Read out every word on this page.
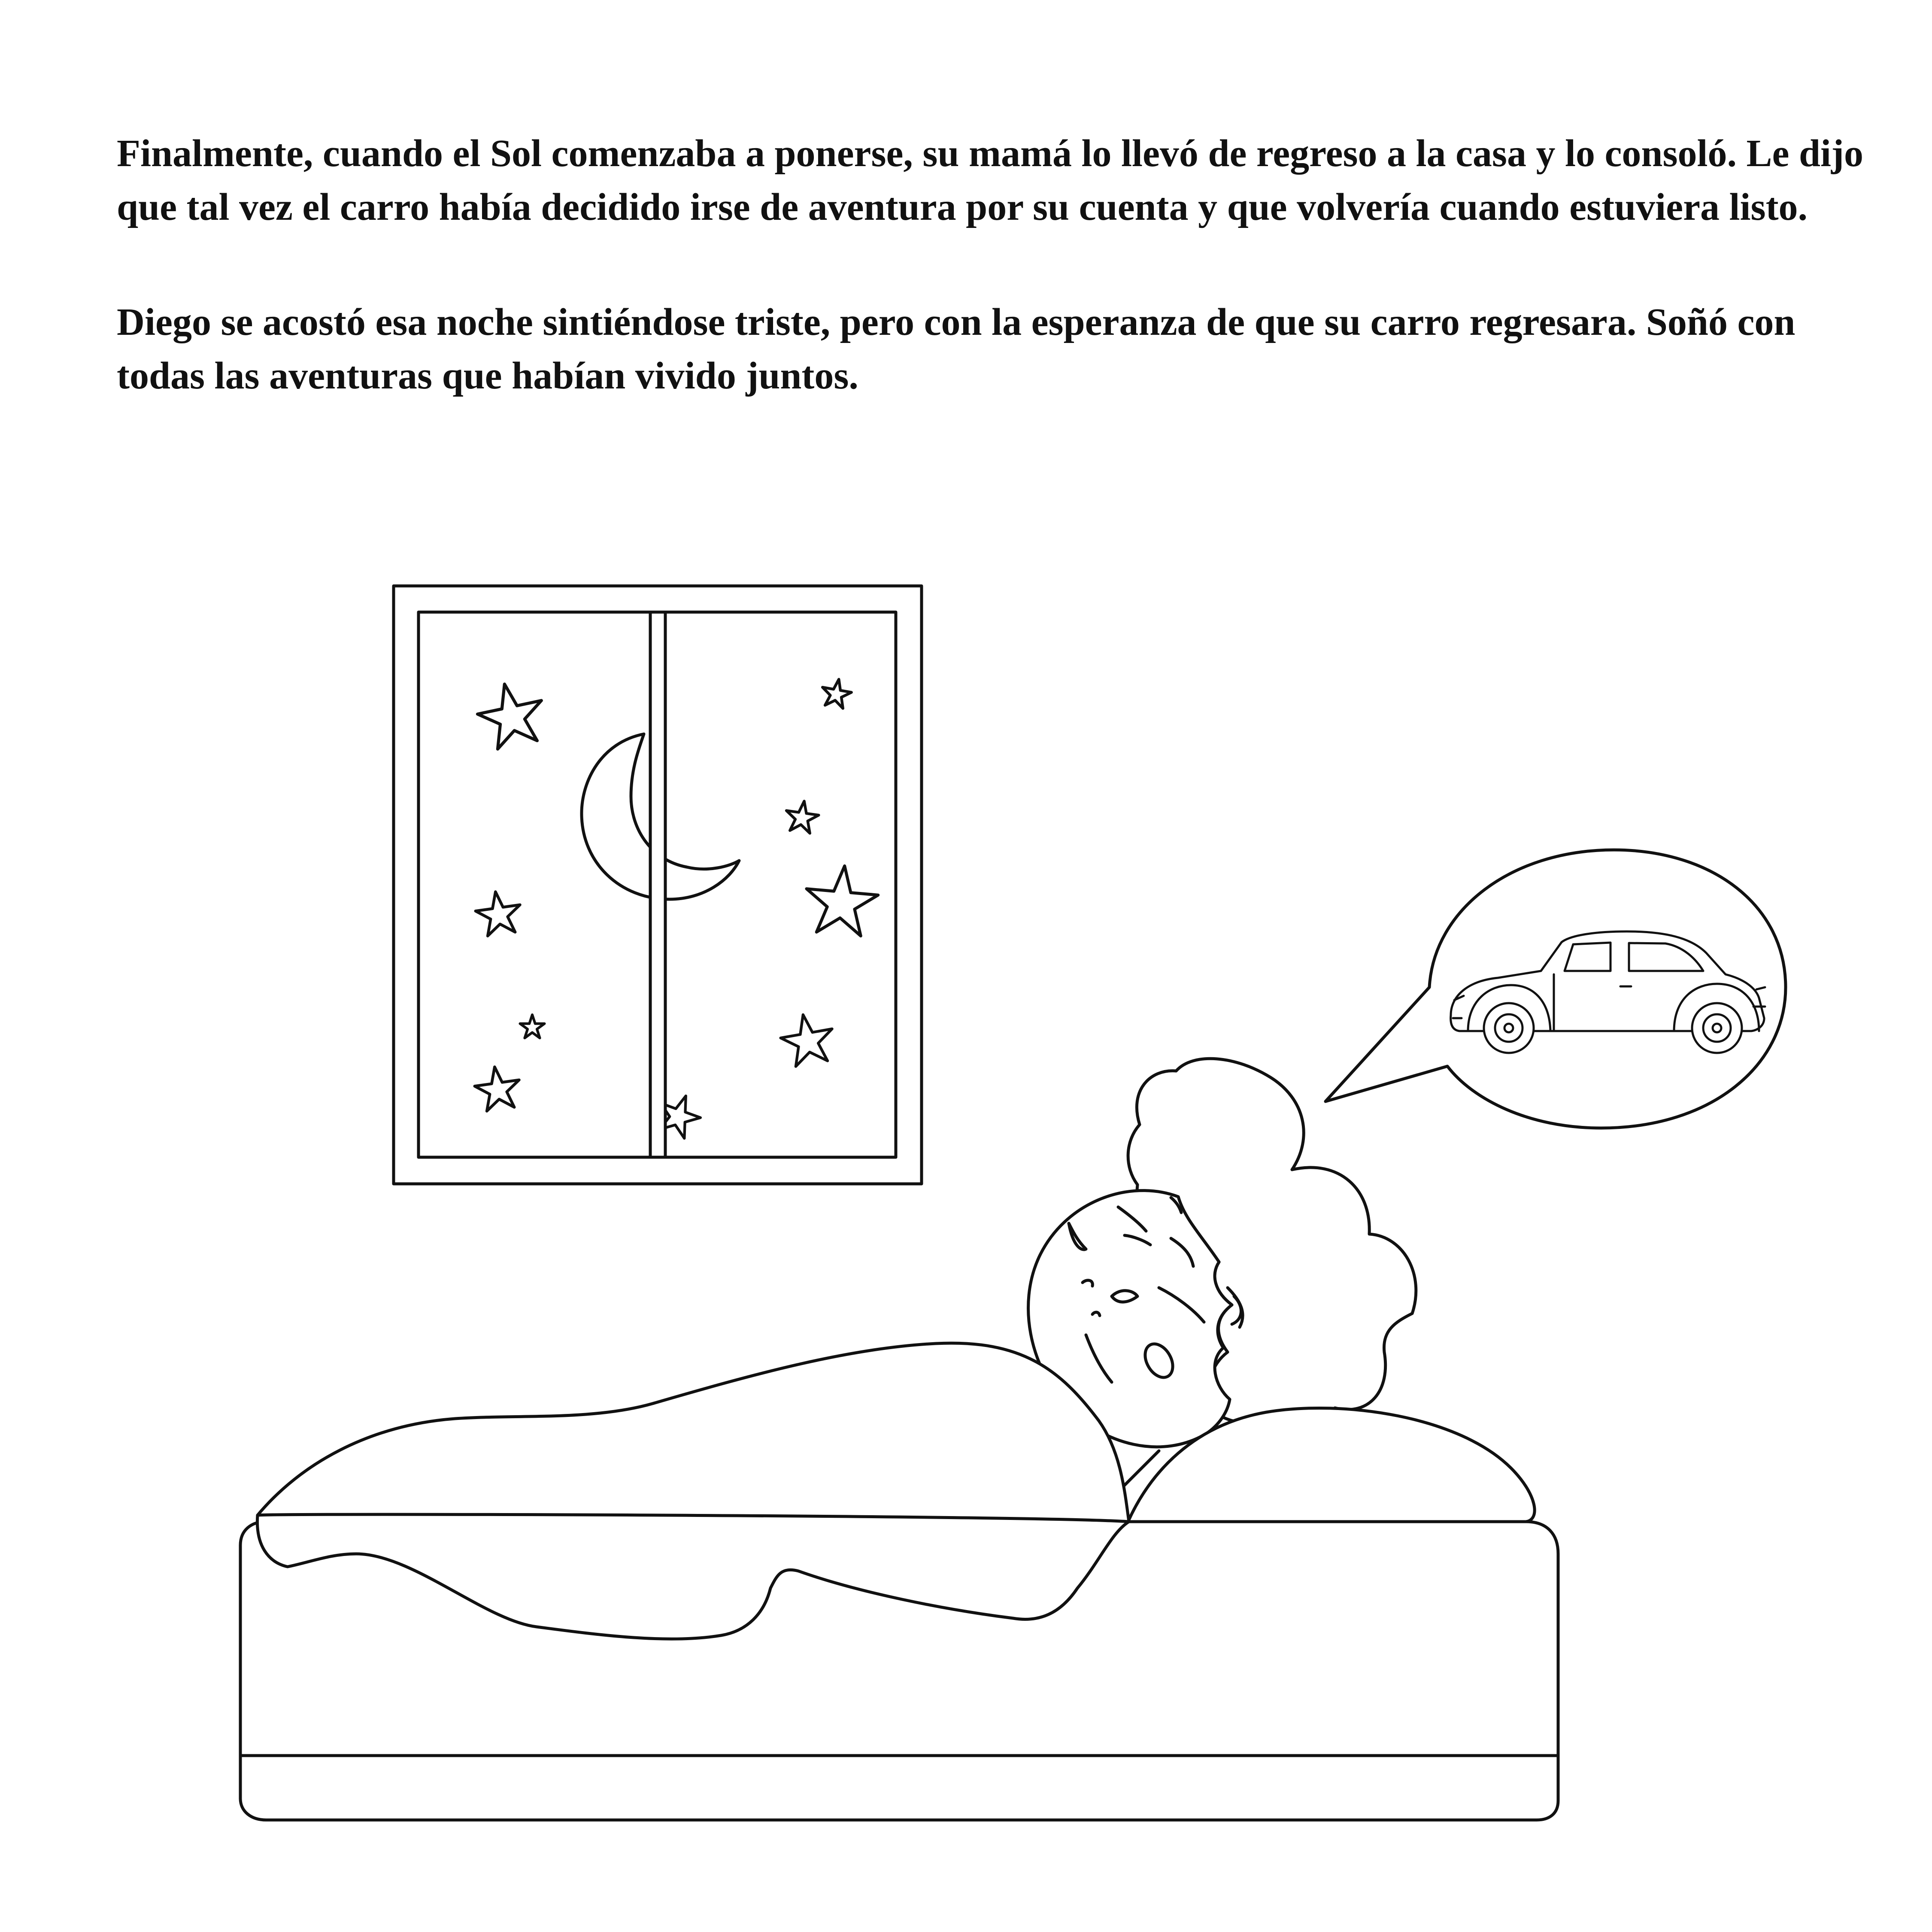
Finalmente, cuando el Sol comenzaba a ponerse, su mamá lo llevó de regreso a la casa y lo consoló. Le dijo que tal vez el carro había decidido irse de aventura por su cuenta y que volvería cuando estuviera listo.

Diego se acostó esa noche sintiéndose triste, pero con la esperanza de que su carro regresara. Soñó con todas las aventuras que habían vivido juntos.
